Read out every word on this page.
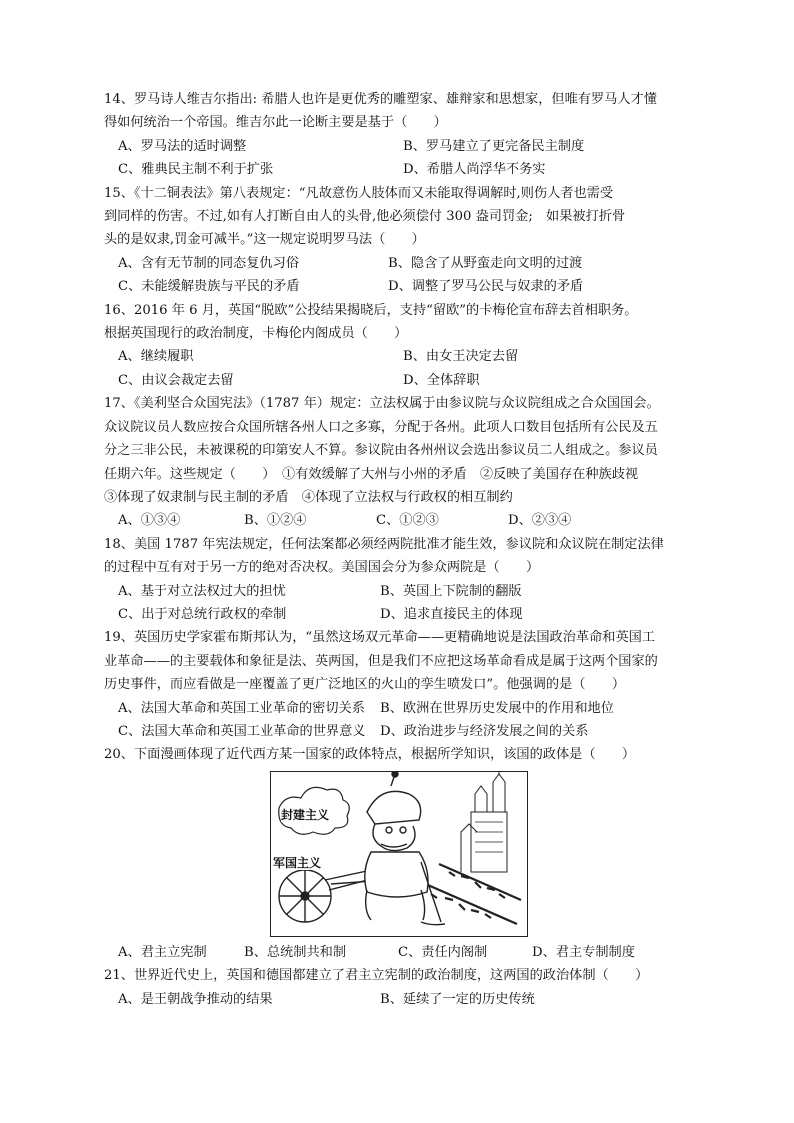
14、罗马诗人维吉尔指出: 希腊人也许是更优秀的雕塑家、雄辩家和思想家，但唯有罗马人才懂

得如何统治一个帝国。维吉尔此一论断主要是基于（　　）

A、罗马法的适时调整	B、罗马建立了更完备民主制度
C、雅典民主制不利于扩张	D、希腊人尚浮华不务实

15、《十二铜表法》第八表规定：“凡故意伤人肢体而又未能取得调解时,则伤人者也需受

到同样的伤害。不过,如有人打断自由人的头骨,他必须偿付 300 盎司罚金;　如果被打折骨

头的是奴隶,罚金可减半。”这一规定说明罗马法（　　）

A、含有无节制的同态复仇习俗	B、隐含了从野蛮走向文明的过渡
C、未能缓解贵族与平民的矛盾	D、调整了罗马公民与奴隶的矛盾

16、2016 年 6 月，英国“脱欧”公投结果揭晓后，支持“留欧”的卡梅伦宣布辞去首相职务。

根据英国现行的政治制度，卡梅伦内阁成员（　　）

A、继续履职	B、由女王决定去留
C、由议会裁定去留	D、全体辞职

17、《美利坚合众国宪法》（1787 年）规定：立法权属于由参议院与众议院组成之合众国国会。

众议院议员人数应按合众国所辖各州人口之多寡，分配于各州。此项人口数目包括所有公民及五

分之三非公民，未被课税的印第安人不算。参议院由各州州议会选出参议员二人组成之。参议员

任期六年。这些规定（　　）　①有效缓解了大州与小州的矛盾　②反映了美国存在种族歧视

③体现了奴隶制与民主制的矛盾　④体现了立法权与行政权的相互制约

A、①③④	B、①②④	C、①②③	D、②③④

18、美国 1787 年宪法规定，任何法案都必须经两院批准才能生效，参议院和众议院在制定法律

的过程中互有对于另一方的绝对否决权。美国国会分为参众两院是（　　）

A、基于对立法权过大的担忧	B、英国上下院制的翻版
C、出于对总统行政权的牵制	D、追求直接民主的体现

19、英国历史学家霍布斯邦认为，“虽然这场双元革命——更精确地说是法国政治革命和英国工

业革命——的主要载体和象征是法、英两国，但是我们不应把这场革命看成是属于这两个国家的

历史事件，而应看做是一座覆盖了更广泛地区的火山的孪生喷发口”。他强调的是（　　）

A、法国大革命和英国工业革命的密切关系	B、欧洲在世界历史发展中的作用和地位
C、法国大革命和英国工业革命的世界意义	D、政治进步与经济发展之间的关系

20、下面漫画体现了近代西方某一国家的政体特点，根据所学知识，该国的政体是（　　）

封建主义
军国主义
A、君主立宪制	B、总统制共和制	C、责任内阁制	D、君主专制制度

21、世界近代史上，英国和德国都建立了君主立宪制的政治制度，这两国的政治体制（　　）

A、是王朝战争推动的结果	B、延续了一定的历史传统
